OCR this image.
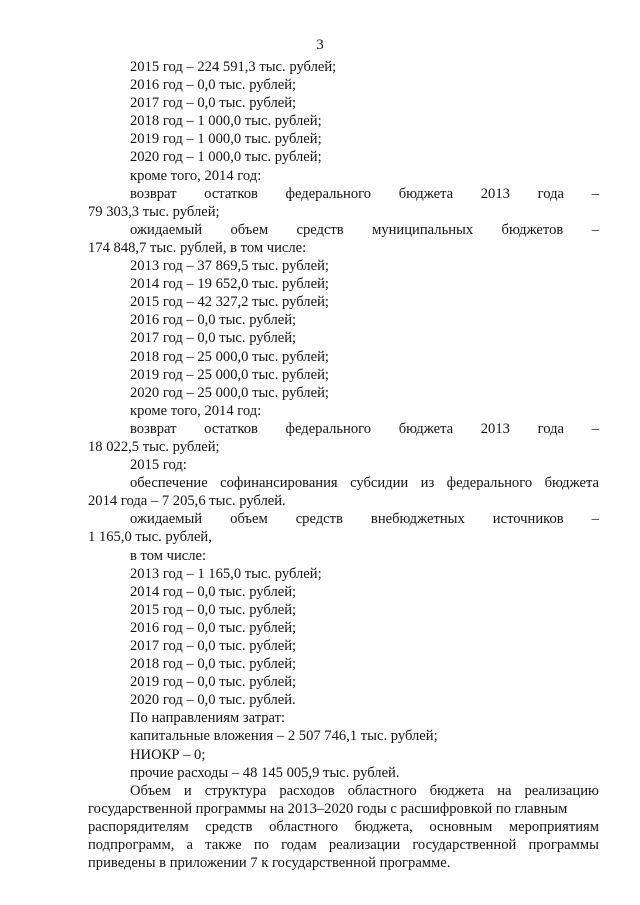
3
2015 год – 224 591,3 тыс. рублей;
2016 год – 0,0 тыс. рублей;
2017 год – 0,0 тыс. рублей;
2018 год – 1 000,0 тыс. рублей;
2019 год – 1 000,0 тыс. рублей;
2020 год – 1 000,0 тыс. рублей;
кроме того, 2014 год:
возврат остатков федерального бюджета 2013 года –
79 303,3 тыс. рублей;
ожидаемый объем средств муниципальных бюджетов –
174 848,7 тыс. рублей, в том числе:
2013 год – 37 869,5 тыс. рублей;
2014 год – 19 652,0 тыс. рублей;
2015 год – 42 327,2 тыс. рублей;
2016 год – 0,0 тыс. рублей;
2017 год – 0,0 тыс. рублей;
2018 год – 25 000,0 тыс. рублей;
2019 год – 25 000,0 тыс. рублей;
2020 год – 25 000,0 тыс. рублей;
кроме того, 2014 год:
возврат остатков федерального бюджета 2013 года –
18 022,5 тыс. рублей;
2015 год:
обеспечение софинансирования субсидии из федерального бюджета
2014 года – 7 205,6 тыс. рублей.
ожидаемый объем средств внебюджетных источников –
1 165,0 тыс. рублей,
в том числе:
2013 год – 1 165,0 тыс. рублей;
2014 год – 0,0 тыс. рублей;
2015 год – 0,0 тыс. рублей;
2016 год – 0,0 тыс. рублей;
2017 год – 0,0 тыс. рублей;
2018 год – 0,0 тыс. рублей;
2019 год – 0,0 тыс. рублей;
2020 год – 0,0 тыс. рублей.
По направлениям затрат:
капитальные вложения – 2 507 746,1 тыс. рублей;
НИОКР – 0;
прочие расходы – 48 145 005,9 тыс. рублей.
Объем и структура расходов областного бюджета на реализацию
государственной программы на 2013–2020 годы с расшифровкой по главным
распорядителям средств областного бюджета, основным мероприятиям
подпрограмм, а также по годам реализации государственной программы
приведены в приложении 7 к государственной программе.
